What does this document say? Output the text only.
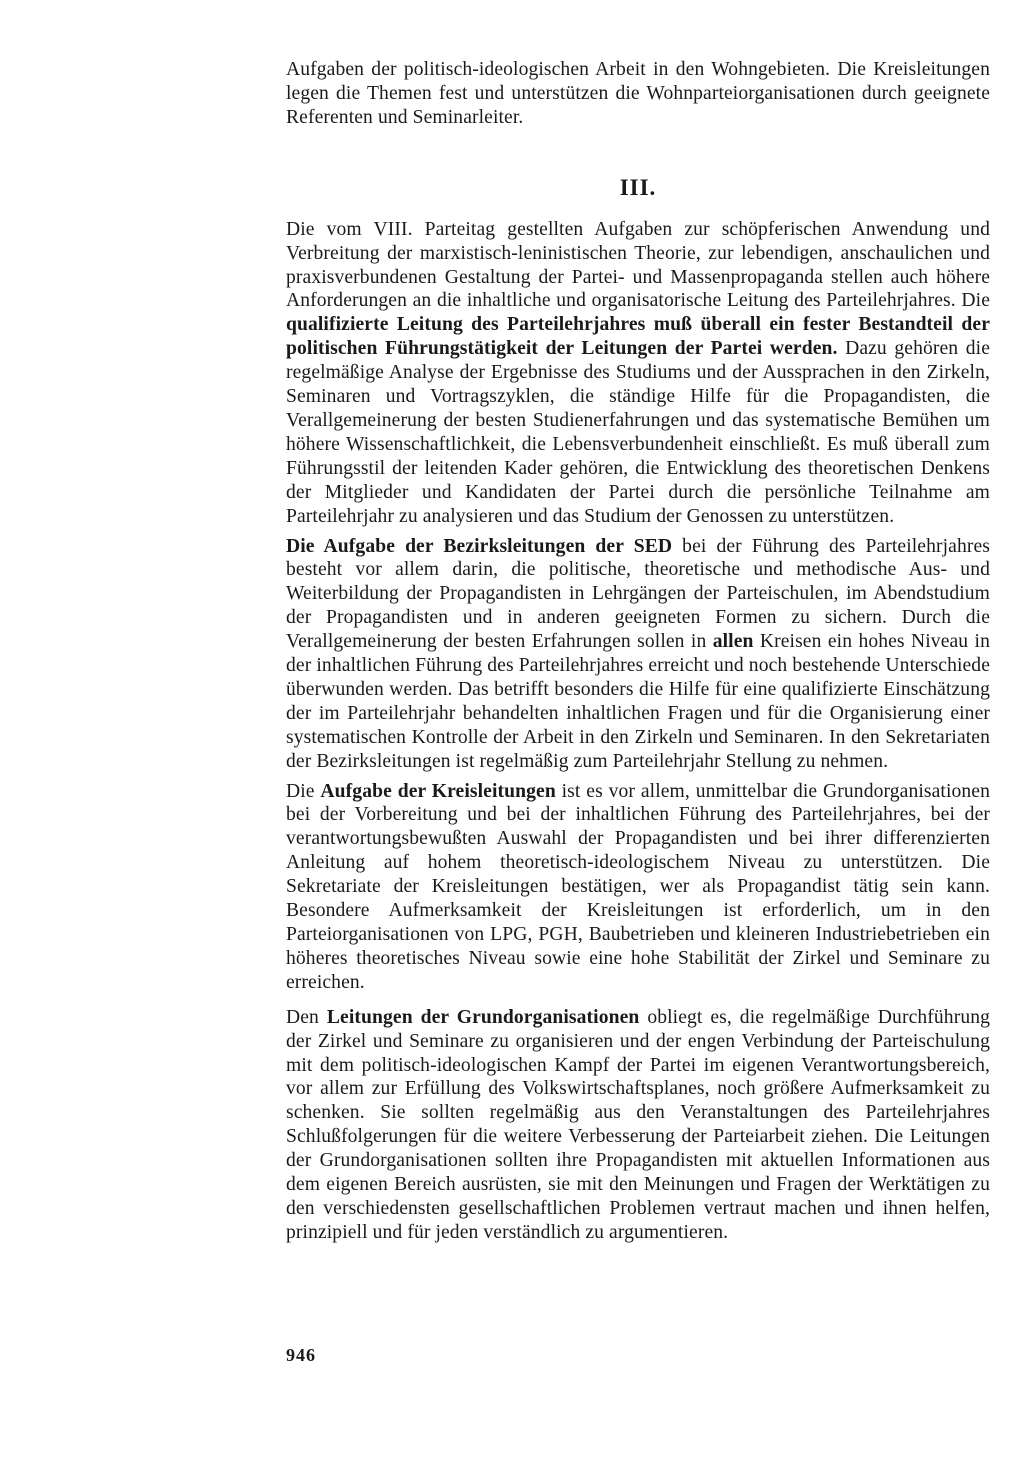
Aufgaben der politisch-ideologischen Arbeit in den Wohngebieten. Die Kreisleitungen legen die Themen fest und unterstützen die Wohnparteiorganisationen durch geeignete Referenten und Seminarleiter.

III.

Die vom VIII. Parteitag gestellten Aufgaben zur schöpferischen Anwendung und Verbreitung der marxistisch-leninistischen Theorie, zur lebendigen, anschaulichen und praxisverbundenen Gestaltung der Partei- und Massenpropaganda stellen auch höhere Anforderungen an die inhaltliche und organisatorische Leitung des Parteilehrjahres. Die qualifizierte Leitung des Parteilehrjahres muß überall ein fester Bestandteil der politischen Führungstätigkeit der Leitungen der Partei werden. Dazu gehören die regelmäßige Analyse der Ergebnisse des Studiums und der Aussprachen in den Zirkeln, Seminaren und Vortragszyklen, die ständige Hilfe für die Propagandisten, die Verallgemeinerung der besten Studienerfahrungen und das systematische Bemühen um höhere Wissenschaftlichkeit, die Lebensverbundenheit einschließt. Es muß überall zum Führungsstil der leitenden Kader gehören, die Entwicklung des theoretischen Denkens der Mitglieder und Kandidaten der Partei durch die persönliche Teilnahme am Parteilehrjahr zu analysieren und das Studium der Genossen zu unterstützen.

Die Aufgabe der Bezirksleitungen der SED bei der Führung des Parteilehrjahres besteht vor allem darin, die politische, theoretische und methodische Aus- und Weiterbildung der Propagandisten in Lehrgängen der Parteischulen, im Abendstudium der Propagandisten und in anderen geeigneten Formen zu sichern. Durch die Verallgemeinerung der besten Erfahrungen sollen in allen Kreisen ein hohes Niveau in der inhaltlichen Führung des Parteilehrjahres erreicht und noch bestehende Unterschiede überwunden werden. Das betrifft besonders die Hilfe für eine qualifizierte Einschätzung der im Parteilehrjahr behandelten inhaltlichen Fragen und für die Organisierung einer systematischen Kontrolle der Arbeit in den Zirkeln und Seminaren. In den Sekretariaten der Bezirksleitungen ist regelmäßig zum Parteilehrjahr Stellung zu nehmen.

Die Aufgabe der Kreisleitungen ist es vor allem, unmittelbar die Grundorganisationen bei der Vorbereitung und bei der inhaltlichen Führung des Parteilehrjahres, bei der verantwortungsbewußten Auswahl der Propagandisten und bei ihrer differenzierten Anleitung auf hohem theoretisch-ideologischem Niveau zu unterstützen. Die Sekretariate der Kreisleitungen bestätigen, wer als Propagandist tätig sein kann. Besondere Aufmerksamkeit der Kreisleitungen ist erforderlich, um in den Parteiorganisationen von LPG, PGH, Baubetrieben und kleineren Industriebetrieben ein höheres theoretisches Niveau sowie eine hohe Stabilität der Zirkel und Seminare zu erreichen.

Den Leitungen der Grundorganisationen obliegt es, die regelmäßige Durchführung der Zirkel und Seminare zu organisieren und der engen Verbindung der Parteischulung mit dem politisch-ideologischen Kampf der Partei im eigenen Verantwortungsbereich, vor allem zur Erfüllung des Volkswirtschaftsplanes, noch größere Aufmerksamkeit zu schenken. Sie sollten regelmäßig aus den Veranstaltungen des Parteilehrjahres Schlußfolgerungen für die weitere Verbesserung der Parteiarbeit ziehen. Die Leitungen der Grundorganisationen sollten ihre Propagandisten mit aktuellen Informationen aus dem eigenen Bereich ausrüsten, sie mit den Meinungen und Fragen der Werktätigen zu den verschiedensten gesellschaftlichen Problemen vertraut machen und ihnen helfen, prinzipiell und für jeden verständlich zu argumentieren.

946
